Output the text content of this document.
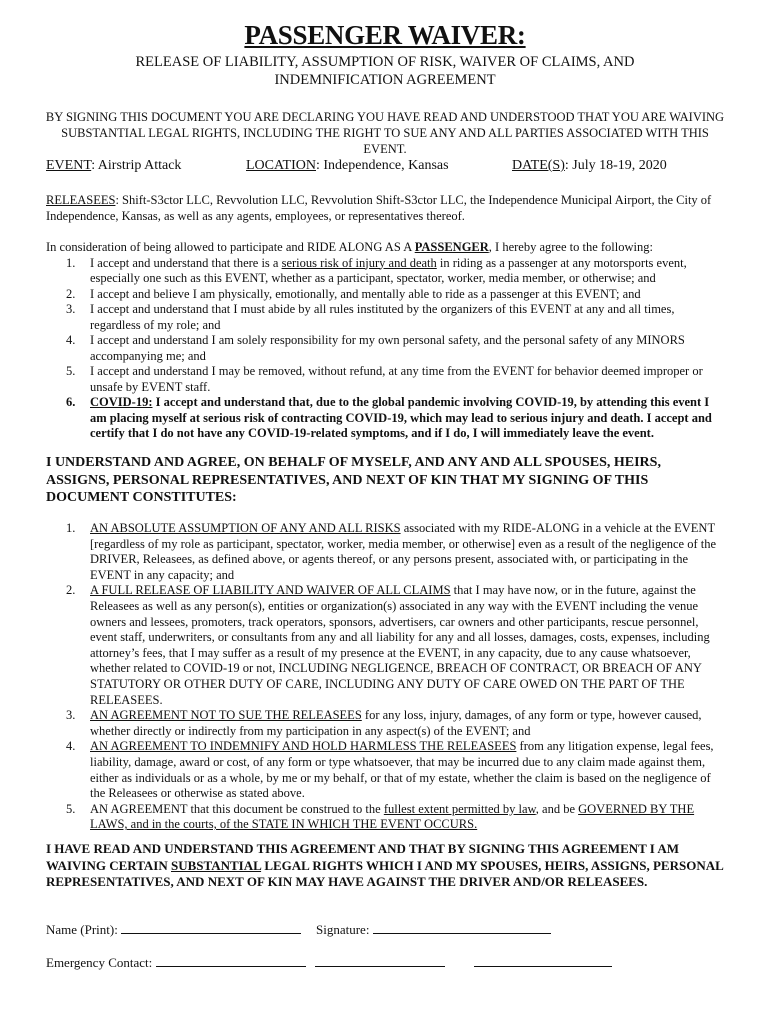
PASSENGER WAIVER:
RELEASE OF LIABILITY, ASSUMPTION OF RISK, WAIVER OF CLAIMS, AND
INDEMNIFICATION AGREEMENT
BY SIGNING THIS DOCUMENT YOU ARE DECLARING YOU HAVE READ AND UNDERSTOOD THAT YOU ARE WAIVING SUBSTANTIAL LEGAL RIGHTS, INCLUDING THE RIGHT TO SUE ANY AND ALL PARTIES ASSOCIATED WITH THIS EVENT.
EVENT: Airstrip Attack	LOCATION: Independence, Kansas	DATE(S): July 18-19, 2020
RELEASEES: Shift-S3ctor LLC, Revvolution LLC, Revvolution Shift-S3ctor LLC, the Independence Municipal Airport, the City of Independence, Kansas, as well as any agents, employees, or representatives thereof.
In consideration of being allowed to participate and RIDE ALONG AS A PASSENGER, I hereby agree to the following:
1. I accept and understand that there is a serious risk of injury and death in riding as a passenger at any motorsports event, especially one such as this EVENT, whether as a participant, spectator, worker, media member, or otherwise; and
2. I accept and believe I am physically, emotionally, and mentally able to ride as a passenger at this EVENT; and
3. I accept and understand that I must abide by all rules instituted by the organizers of this EVENT at any and all times, regardless of my role; and
4. I accept and understand I am solely responsibility for my own personal safety, and the personal safety of any MINORS accompanying me; and
5. I accept and understand I may be removed, without refund, at any time from the EVENT for behavior deemed improper or unsafe by EVENT staff.
6. COVID-19: I accept and understand that, due to the global pandemic involving COVID-19, by attending this event I am placing myself at serious risk of contracting COVID-19, which may lead to serious injury and death. I accept and certify that I do not have any COVID-19-related symptoms, and if I do, I will immediately leave the event.
I UNDERSTAND AND AGREE, ON BEHALF OF MYSELF, AND ANY AND ALL SPOUSES, HEIRS, ASSIGNS, PERSONAL REPRESENTATIVES, AND NEXT OF KIN THAT MY SIGNING OF THIS DOCUMENT CONSTITUTES:
1. AN ABSOLUTE ASSUMPTION OF ANY AND ALL RISKS associated with my RIDE-ALONG in a vehicle at the EVENT [regardless of my role as participant, spectator, worker, media member, or otherwise] even as a result of the negligence of the DRIVER, Releasees, as defined above, or agents thereof, or any persons present, associated with, or participating in the EVENT in any capacity; and
2. A FULL RELEASE OF LIABILITY AND WAIVER OF ALL CLAIMS that I may have now, or in the future, against the Releasees as well as any person(s), entities or organization(s) associated in any way with the EVENT including the venue owners and lessees, promoters, track operators, sponsors, advertisers, car owners and other participants, rescue personnel, event staff, underwriters, or consultants from any and all liability for any and all losses, damages, costs, expenses, including attorney’s fees, that I may suffer as a result of my presence at the EVENT, in any capacity, due to any cause whatsoever, whether related to COVID-19 or not, INCLUDING NEGLIGENCE, BREACH OF CONTRACT, OR BREACH OF ANY STATUTORY OR OTHER DUTY OF CARE, INCLUDING ANY DUTY OF CARE OWED ON THE PART OF THE RELEASEES.
3. AN AGREEMENT NOT TO SUE THE RELEASEES for any loss, injury, damages, of any form or type, however caused, whether directly or indirectly from my participation in any aspect(s) of the EVENT; and
4. AN AGREEMENT TO INDEMNIFY AND HOLD HARMLESS THE RELEASEES from any litigation expense, legal fees, liability, damage, award or cost, of any form or type whatsoever, that may be incurred due to any claim made against them, either as individuals or as a whole, by me or my behalf, or that of my estate, whether the claim is based on the negligence of the Releasees or otherwise as stated above.
5. AN AGREEMENT that this document be construed to the fullest extent permitted by law, and be GOVERNED BY THE LAWS, and in the courts, of the STATE IN WHICH THE EVENT OCCURS.
I HAVE READ AND UNDERSTAND THIS AGREEMENT AND THAT BY SIGNING THIS AGREEMENT I AM WAIVING CERTAIN SUBSTANTIAL LEGAL RIGHTS WHICH I AND MY SPOUSES, HEIRS, ASSIGNS, PERSONAL REPRESENTATIVES, AND NEXT OF KIN MAY HAVE AGAINST THE DRIVER AND/OR RELEASEES.
Name (Print):	Signature:
Emergency Contact:
